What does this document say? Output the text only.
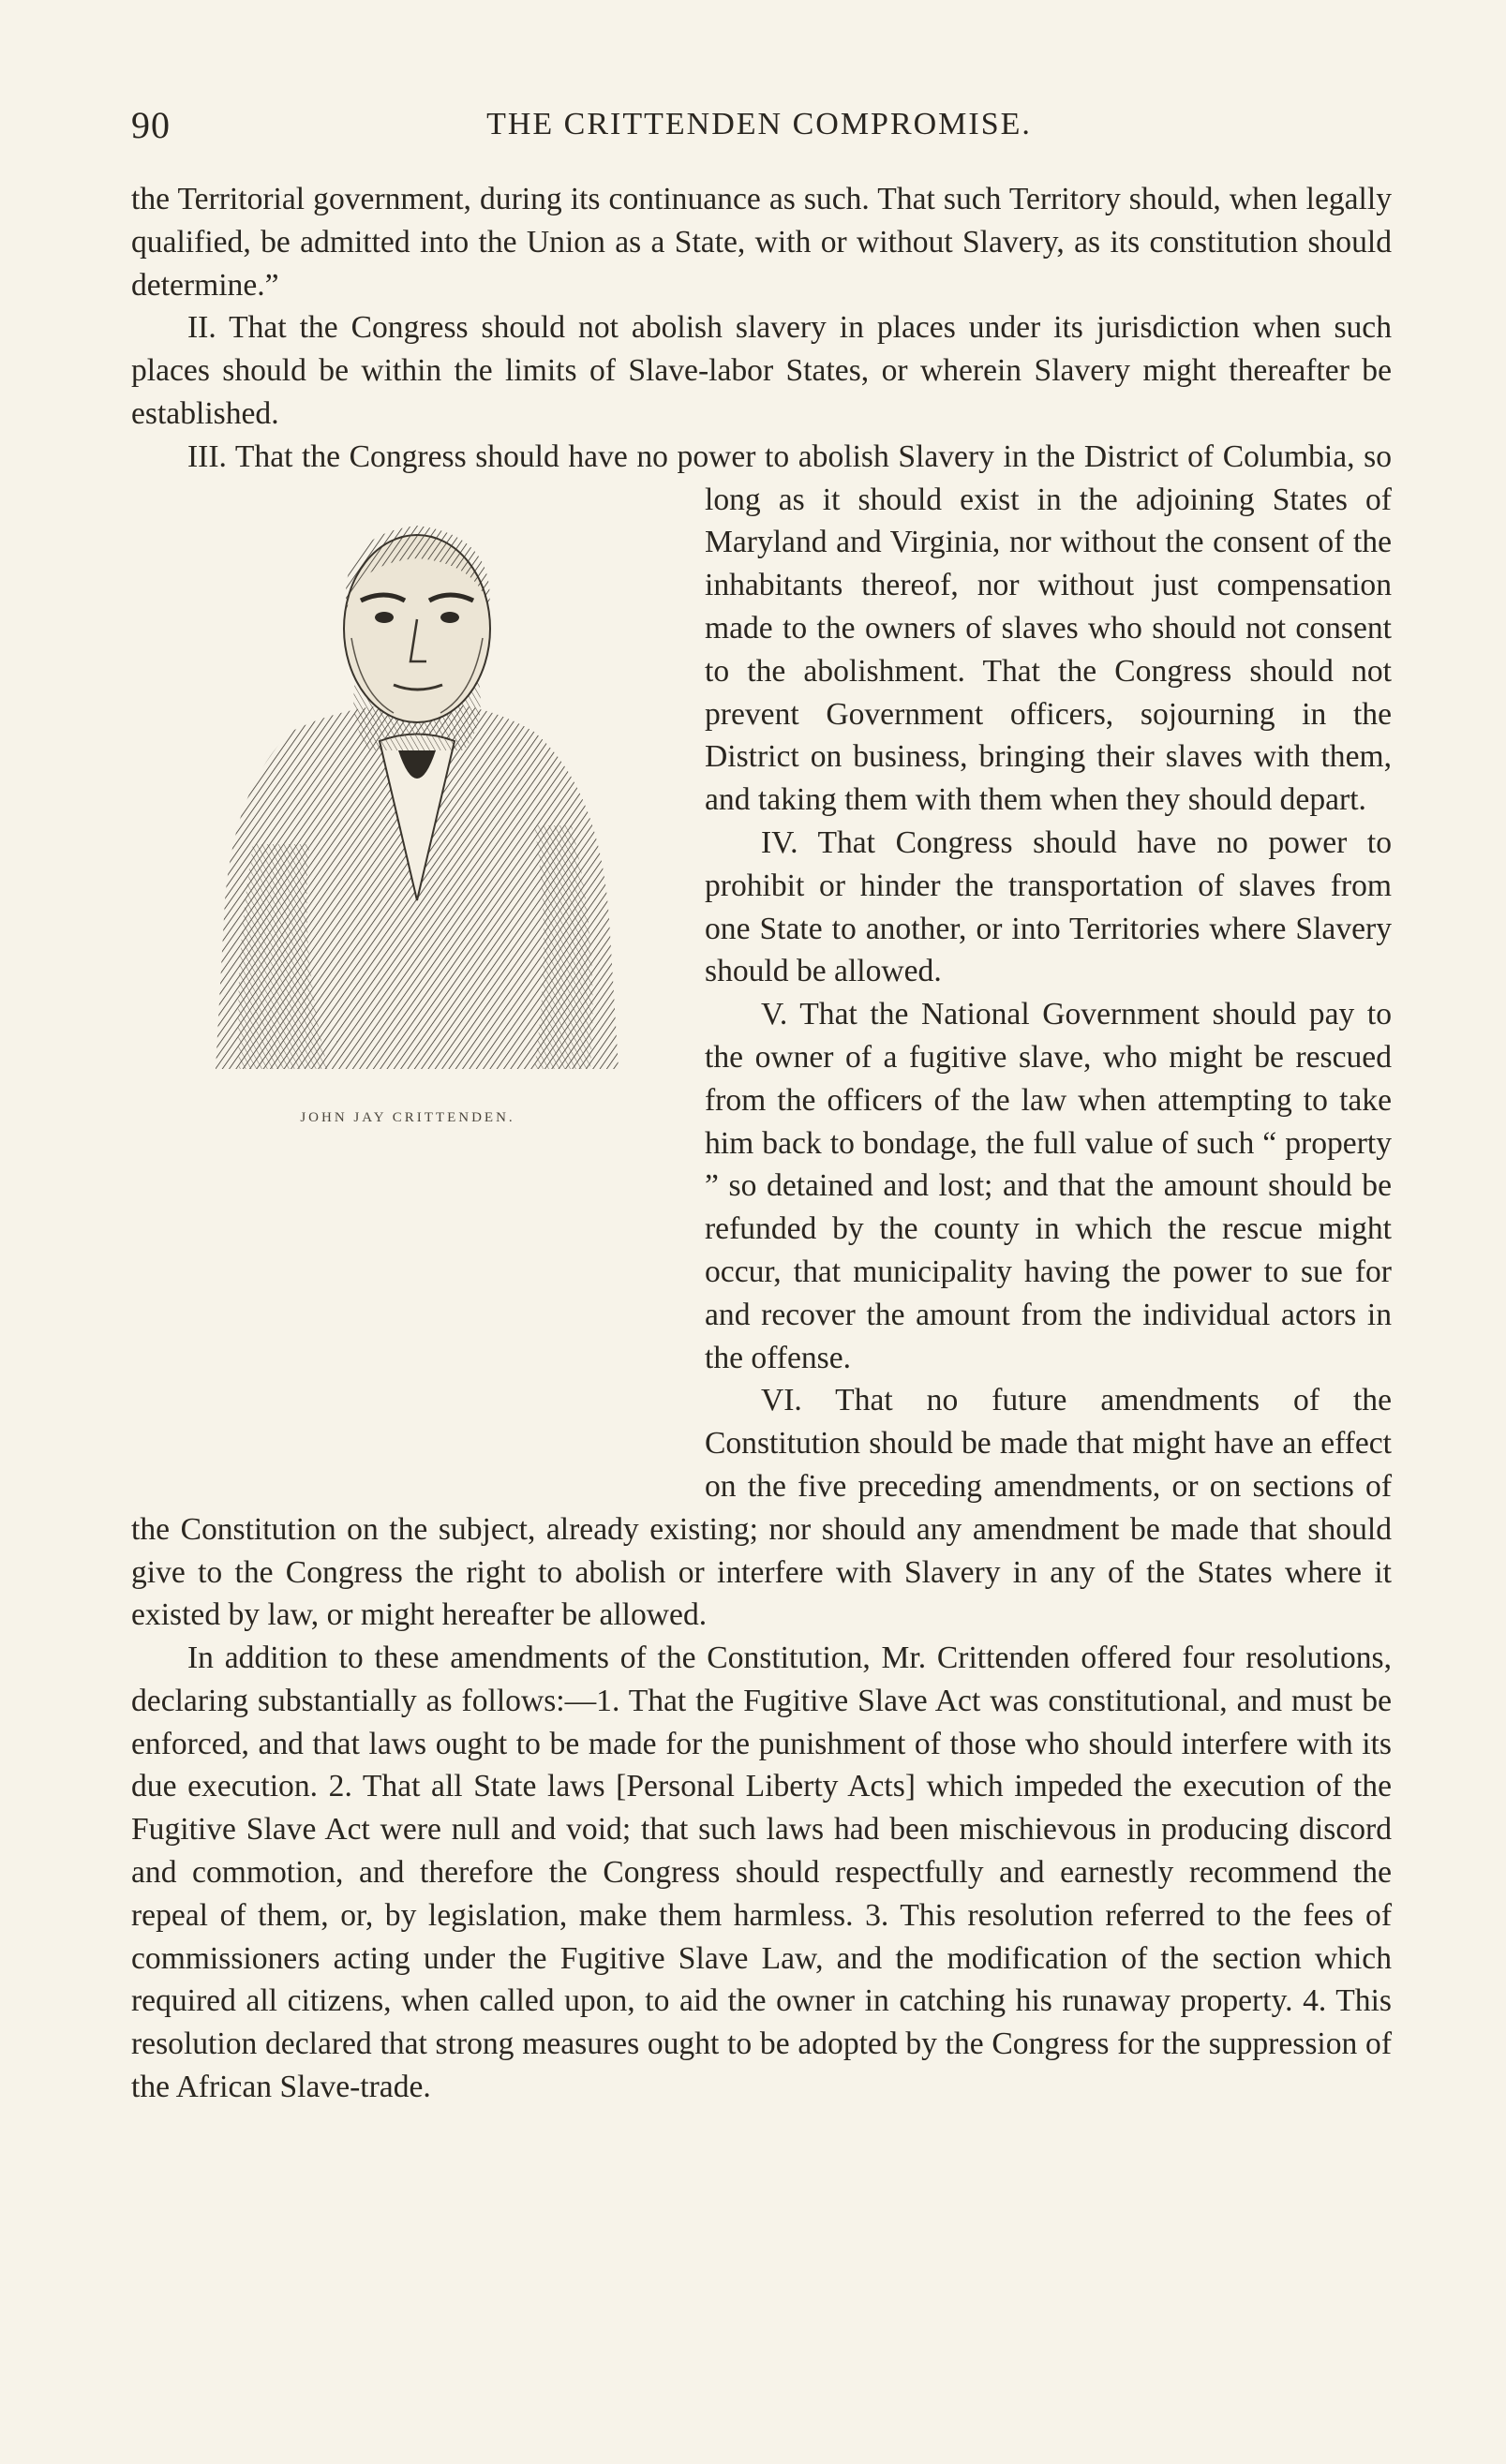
90	THE CRITTENDEN COMPROMISE.

the Territorial government, during its continuance as such. That such Territory should, when legally qualified, be admitted into the Union as a State, with or without Slavery, as its constitution should determine.”

II. That the Congress should not abolish slavery in places under its jurisdiction when such places should be within the limits of Slave-labor States, or wherein Slavery might thereafter be established.

III. That the Congress should have no power to abolish Slavery in the District of Columbia, so long as it should exist in the adjoining States of
JOHN JAY CRITTENDEN.
Maryland and Virginia, nor without the consent of the inhabitants thereof, nor without just compensation made to the owners of slaves who should not consent to the abolishment. That the Congress should not prevent Government officers, sojourning in the District on business, bringing their slaves with them, and taking them with them when they should depart.

IV. That Congress should have no power to prohibit or hinder the transportation of slaves from one State to another, or into Territories where Slavery should be allowed.

V. That the National Government should pay to the owner of a fugitive slave, who might be rescued from the officers of the law when attempting to take him back to bondage, the full value of such “ property ” so detained and lost; and that the amount should be refunded by the county in which the rescue might occur, that municipality having the power to sue for and recover the amount from the individual actors in the offense.

VI. That no future amendments of the Constitution should be made that might have an effect on the five preceding amendments, or on sections of the Constitution on the subject, already existing; nor should any amendment be made that should give to the Congress the right to abolish or interfere with Slavery in any of the States where it existed by law, or might hereafter be allowed.

In addition to these amendments of the Constitution, Mr. Crittenden offered four resolutions, declaring substantially as follows:—1. That the Fugitive Slave Act was constitutional, and must be enforced, and that laws ought to be made for the punishment of those who should interfere with its due execution. 2. That all State laws [Personal Liberty Acts] which impeded the execution of the Fugitive Slave Act were null and void; that such laws had been mischievous in producing discord and commotion, and therefore the Congress should respectfully and earnestly recommend the repeal of them, or, by legislation, make them harmless. 3. This resolution referred to the fees of commissioners acting under the Fugitive Slave Law, and the modification of the section which required all citizens, when called upon, to aid the owner in catching his runaway property. 4. This resolution declared that strong measures ought to be adopted by the Congress for the suppression of the African Slave-trade.
